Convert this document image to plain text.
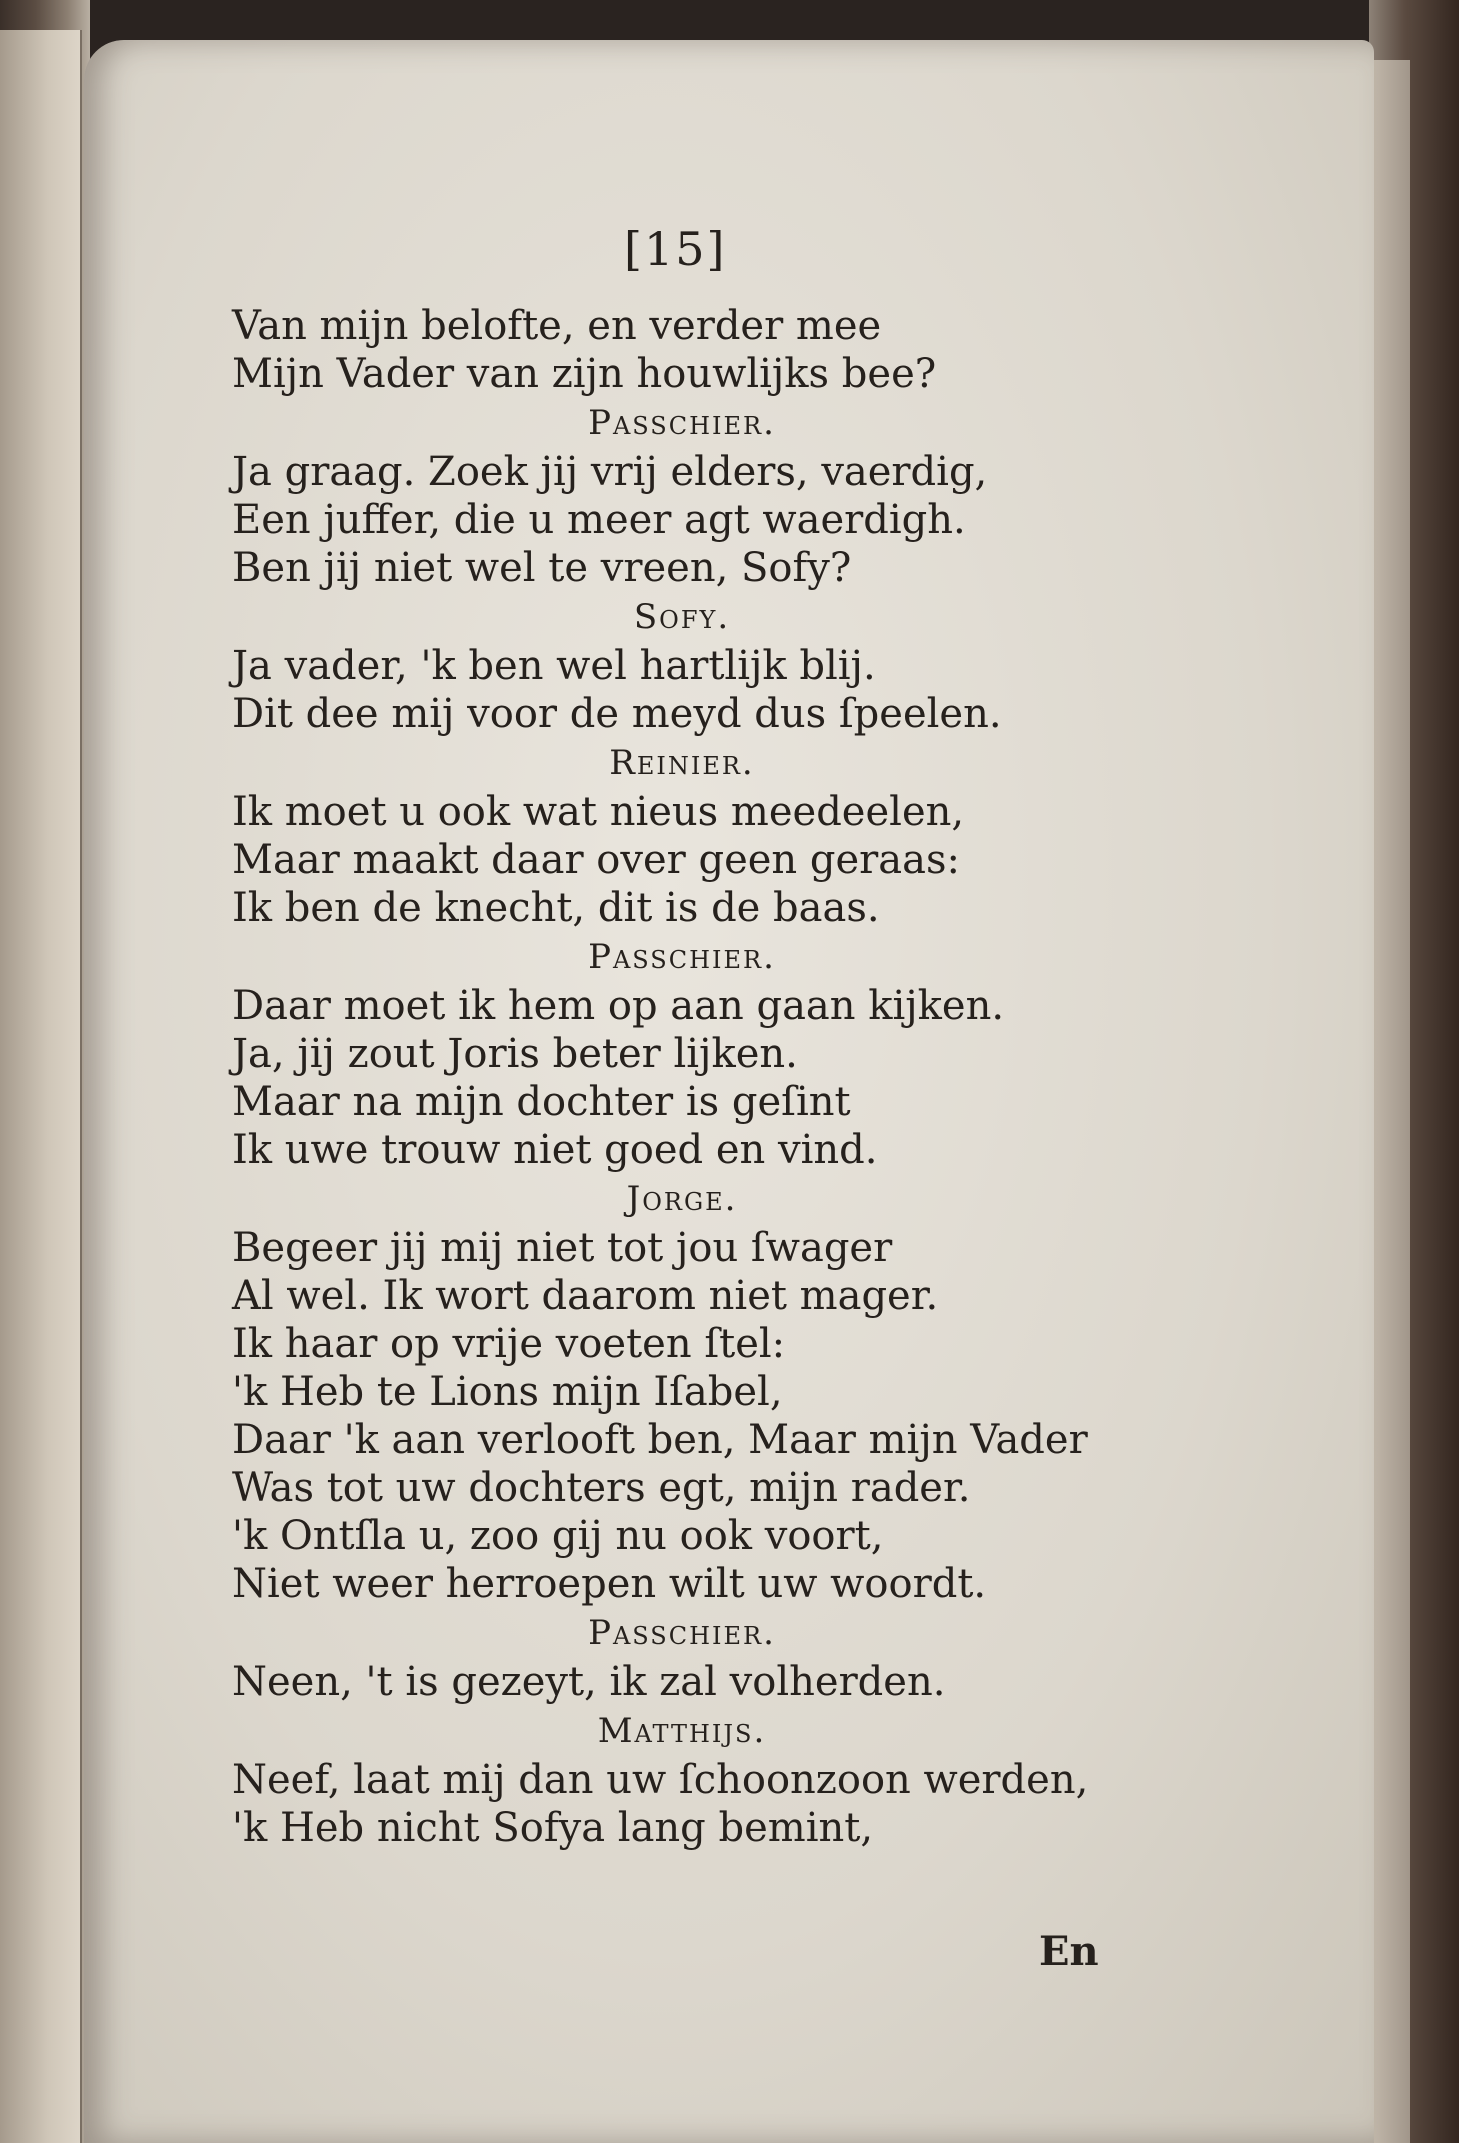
[15]
Van mijn belofte, en verder mee
Mijn Vader van zijn houwlijks bee?
Passchier.
Ja graag. Zoek jij vrij elders, vaerdig,
Een juffer, die u meer agt waerdigh.
Ben jij niet wel te vreen, Sofy?
Sofy.
Ja vader, 'k ben wel hartlijk blij.
Dit dee mij voor de meyd dus ſpeelen.
Reinier.
Ik moet u ook wat nieus meedeelen,
Maar maakt daar over geen geraas:
Ik ben de knecht, dit is de baas.
Passchier.
Daar moet ik hem op aan gaan kijken.
Ja, jij zout Joris beter lijken.
Maar na mijn dochter is geſint
Ik uwe trouw niet goed en vind.
Jorge.
Begeer jij mij niet tot jou ſwager
Al wel. Ik wort daarom niet mager.
Ik haar op vrije voeten ſtel:
'k Heb te Lions mijn Iſabel,
Daar 'k aan verlooft ben, Maar mijn Vader
Was tot uw dochters egt, mijn rader.
'k Ontſla u, zoo gij nu ook voort,
Niet weer herroepen wilt uw woordt.
Passchier.
Neen, 't is gezeyt, ik zal volherden.
Matthijs.
Neef, laat mij dan uw ſchoonzoon werden,
'k Heb nicht Sofya lang bemint,
En
